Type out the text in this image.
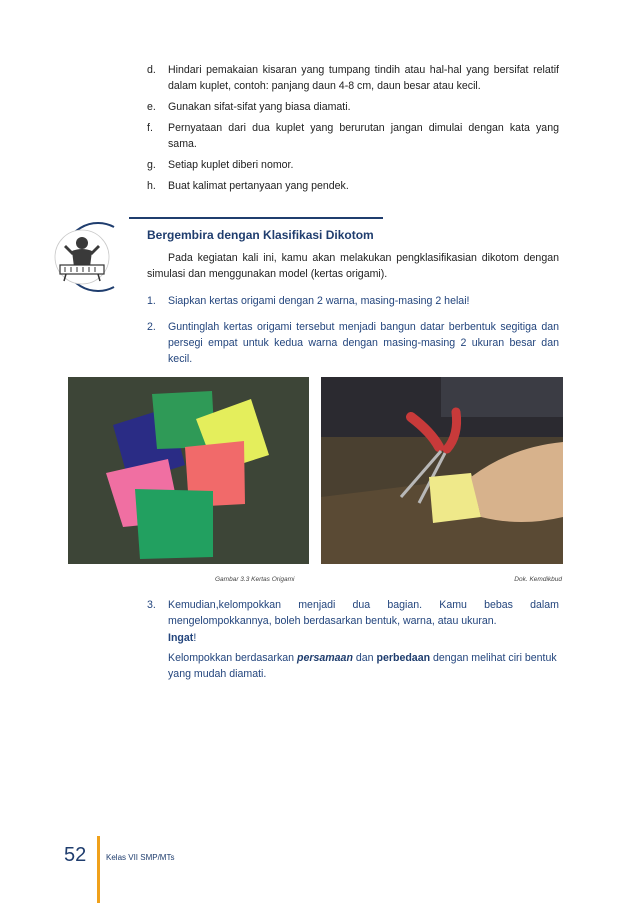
d. Hindari pemakaian kisaran yang tumpang tindih atau hal-hal yang bersifat relatif dalam kuplet, contoh: panjang daun 4-8 cm, daun besar atau kecil.
e. Gunakan sifat-sifat yang biasa diamati.
f. Pernyataan dari dua kuplet yang berurutan jangan dimulai dengan kata yang sama.
g. Setiap kuplet diberi nomor.
h. Buat kalimat pertanyaan yang pendek.
Bergembira dengan Klasifikasi Dikotom
Pada kegiatan kali ini, kamu akan melakukan pengklasifikasian dikotom dengan simulasi dan menggunakan model (kertas origami).
1. Siapkan kertas origami dengan 2 warna, masing-masing 2 helai!
2. Guntinglah kertas origami tersebut menjadi bangun datar berbentuk segitiga dan persegi empat untuk kedua warna dengan masing-masing 2 ukuran besar dan kecil.
Gambar 3.3 Kertas Origami	Dok. Kemdikbud
3. Kemudian,kelompokkan menjadi dua bagian. Kamu bebas dalam mengelompokkannya, boleh berdasarkan bentuk, warna, atau ukuran.
Ingat!
Kelompokkan berdasarkan persamaan dan perbedaan dengan melihat ciri bentuk yang mudah diamati.
52 Kelas VII SMP/MTs
